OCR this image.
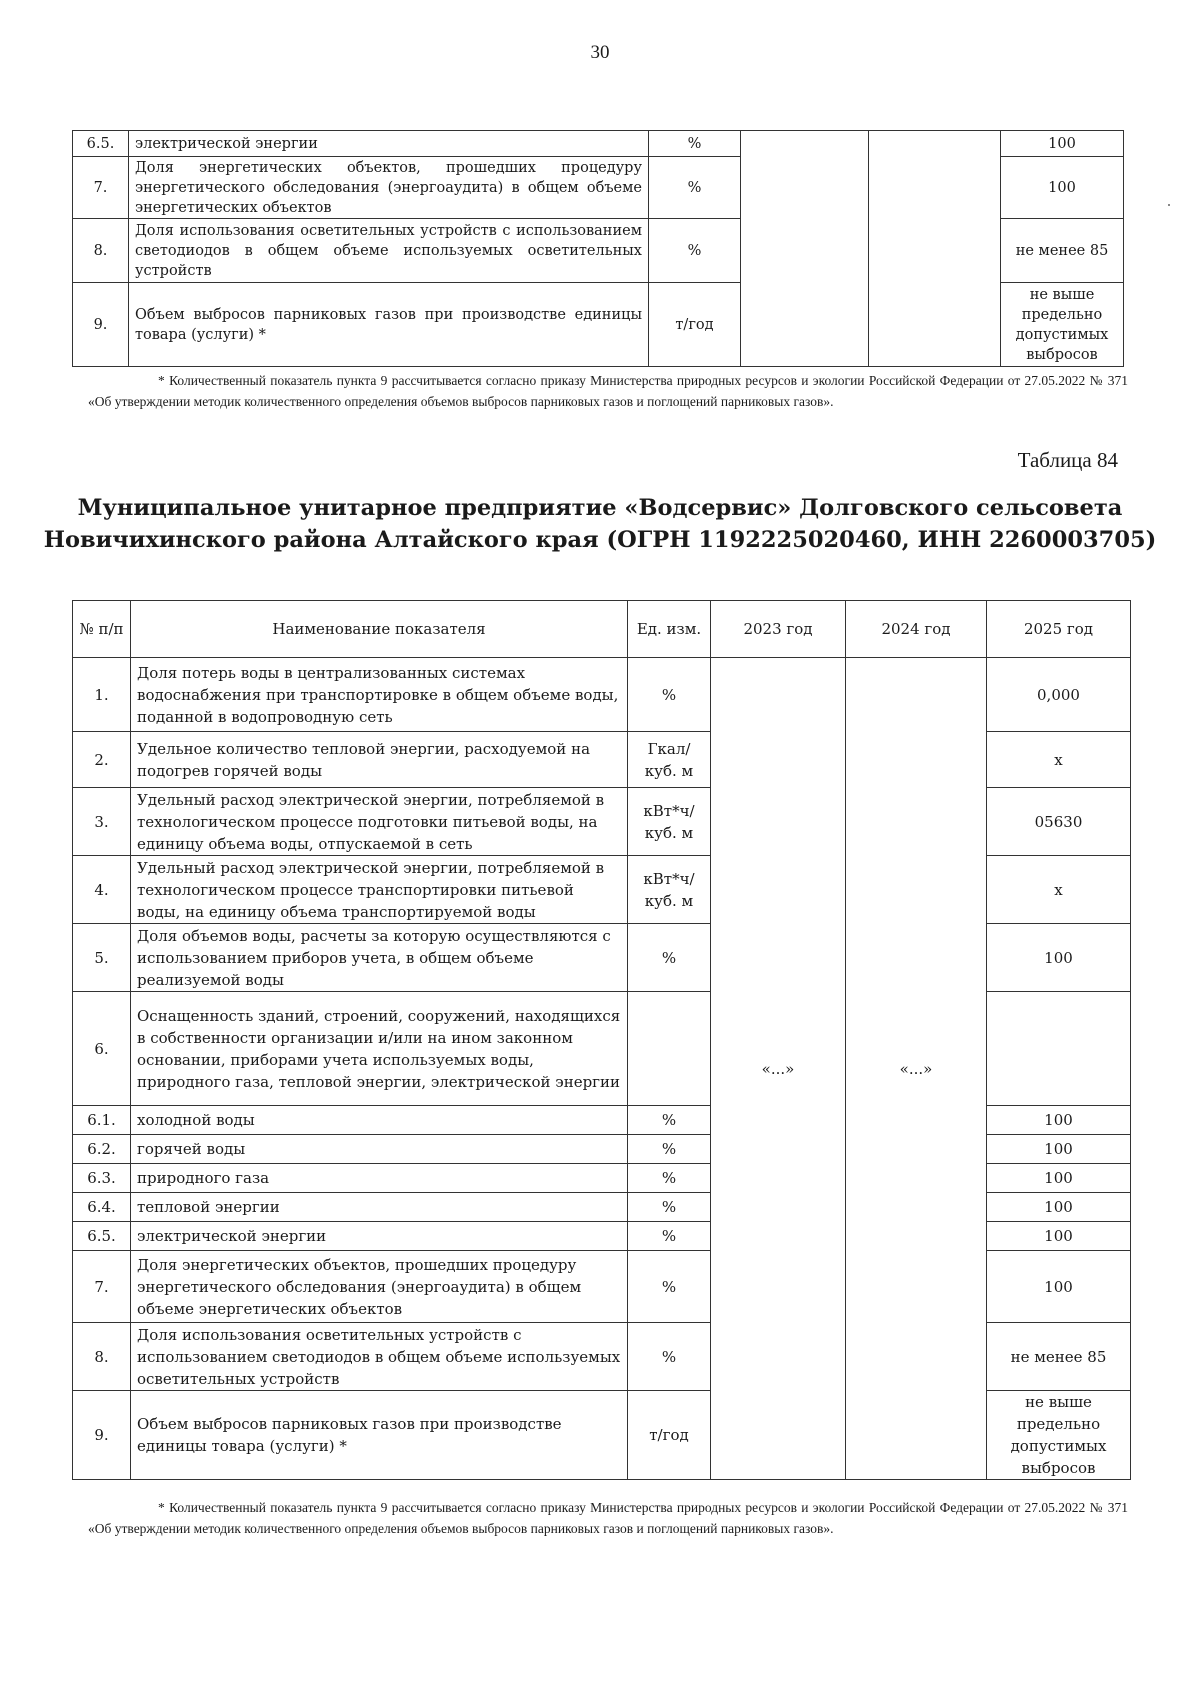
30
6.5.	электрической энергии	%			100
7.	Доля энергетических объектов, прошедших процедуру энергетического обследования (энергоаудита) в общем объеме энергетических объектов	%			100
8.	Доля использования осветительных устройств с использованием светодиодов в общем объеме используемых осветительных устройств	%			не менее 85
9.	Объем выбросов парниковых газов при производстве единицы товара (услуги) *	т/год			не выше предельно допустимых выбросов
* Количественный показатель пункта 9 рассчитывается согласно приказу Министерства природных ресурсов и экологии Российской Федерации от 27.05.2022 № 371 «Об утверждении методик количественного определения объемов выбросов парниковых газов и поглощений парниковых газов».
Таблица 84
Муниципальное унитарное предприятие «Водсервис» Долговского сельсовета
Новичихинского района Алтайского края (ОГРН 1192225020460, ИНН 2260003705)
№ п/п	Наименование показателя	Ед. изм.	2023 год	2024 год	2025 год
1.	Доля потерь воды в централизованных системах водоснабжения при транспортировке в общем объеме воды, поданной в водопроводную сеть	%	«...»	«...»	0,000
2.	Удельное количество тепловой энергии, расходуемой на подогрев горячей воды	Гкал/куб. м			х
3.	Удельный расход электрической энергии, потребляемой в технологическом процессе подготовки питьевой воды, на единицу объема воды, отпускаемой в сеть	кВт*ч/куб. м			05630
4.	Удельный расход электрической энергии, потребляемой в технологическом процессе транспортировки питьевой воды, на единицу объема транспортируемой воды	кВт*ч/куб. м			х
5.	Доля объемов воды, расчеты за которую осуществляются с использованием приборов учета, в общем объеме реализуемой воды	%			100
6.	Оснащенность зданий, строений, сооружений, находящихся в собственности организации и/или на ином законном основании, приборами учета используемых воды, природного газа, тепловой энергии, электрической энергии				
6.1.	холодной воды	%			100
6.2.	горячей воды	%			100
6.3.	природного газа	%			100
6.4.	тепловой энергии	%			100
6.5.	электрической энергии	%			100
7.	Доля энергетических объектов, прошедших процедуру энергетического обследования (энергоаудита) в общем объеме энергетических объектов	%			100
8.	Доля использования осветительных устройств с использованием светодиодов в общем объеме используемых осветительных устройств	%			не менее 85
9.	Объем выбросов парниковых газов при производстве единицы товара (услуги) *	т/год			не выше предельно допустимых выбросов
* Количественный показатель пункта 9 рассчитывается согласно приказу Министерства природных ресурсов и экологии Российской Федерации от 27.05.2022 № 371 «Об утверждении методик количественного определения объемов выбросов парниковых газов и поглощений парниковых газов».
